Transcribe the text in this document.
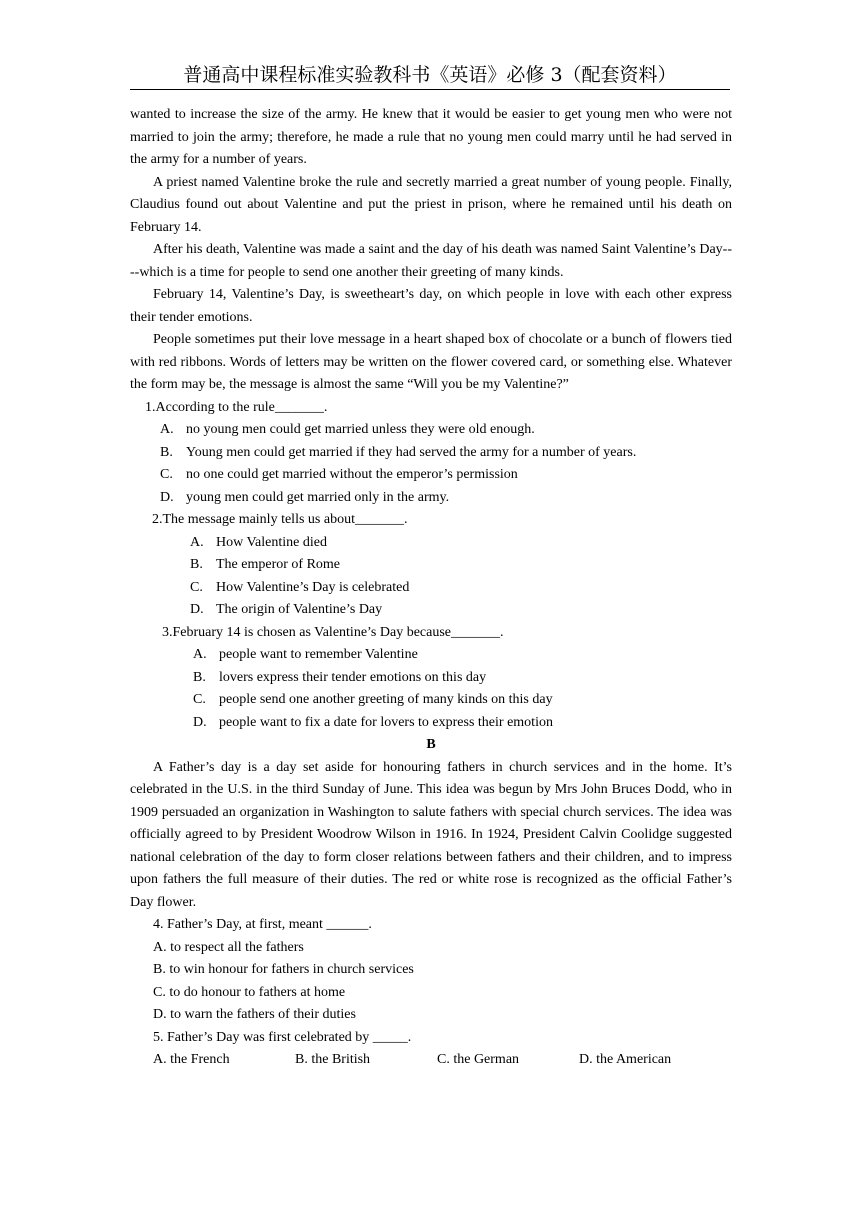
普通高中课程标准实验教科书《英语》必修 3（配套资料）

wanted to increase the size of the army. He knew that it would be easier to get young men who were not married to join the army; therefore, he made a rule that no young men could marry until he had served in the army for a number of years.

A priest named Valentine broke the rule and secretly married a great number of young people. Finally, Claudius found out about Valentine and put the priest in prison, where he remained until his death on February 14.

After his death, Valentine was made a saint and the day of his death was named Saint Valentine’s Day----which is a time for people to send one another their greeting of many kinds.

February 14, Valentine’s Day, is sweetheart’s day, on which people in love with each other express their tender emotions.

People sometimes put their love message in a heart shaped box of chocolate or a bunch of flowers tied with red ribbons. Words of letters may be written on the flower covered card, or something else. Whatever the form may be, the message is almost the same “Will you be my Valentine?”

1.According to the rule_______.

A. no young men could get married unless they were old enough.
B. Young men could get married if they had served the army for a number of years.
C. no one could get married without the emperor’s permission
D. young men could get married only in the army.

2.The message mainly tells us about_______.

A. How Valentine died
B. The emperor of Rome
C. How Valentine’s Day is celebrated
D. The origin of Valentine’s Day

3.February 14 is chosen as Valentine’s Day because_______.

A. people want to remember Valentine
B. lovers express their tender emotions on this day
C. people send one another greeting of many kinds on this day
D. people want to fix a date for lovers to express their emotion

B

A Father’s day is a day set aside for honouring fathers in church services and in the home. It’s celebrated in the U.S. in the third Sunday of June. This idea was begun by Mrs John Bruces Dodd, who in 1909 persuaded an organization in Washington to salute fathers with special church services. The idea was officially agreed to by President Woodrow Wilson in 1916. In 1924, President Calvin Coolidge suggested national celebration of the day to form closer relations between fathers and their children, and to impress upon fathers the full measure of their duties. The red or white rose is recognized as the official Father’s Day flower.

4. Father’s Day, at first, meant ______.

A. to respect all the fathers

B. to win honour for fathers in church services

C. to do honour to fathers at home

D. to warn the fathers of their duties

5. Father’s Day was first celebrated by _____.

A. the French	B. the British	C. the German	D. the American
